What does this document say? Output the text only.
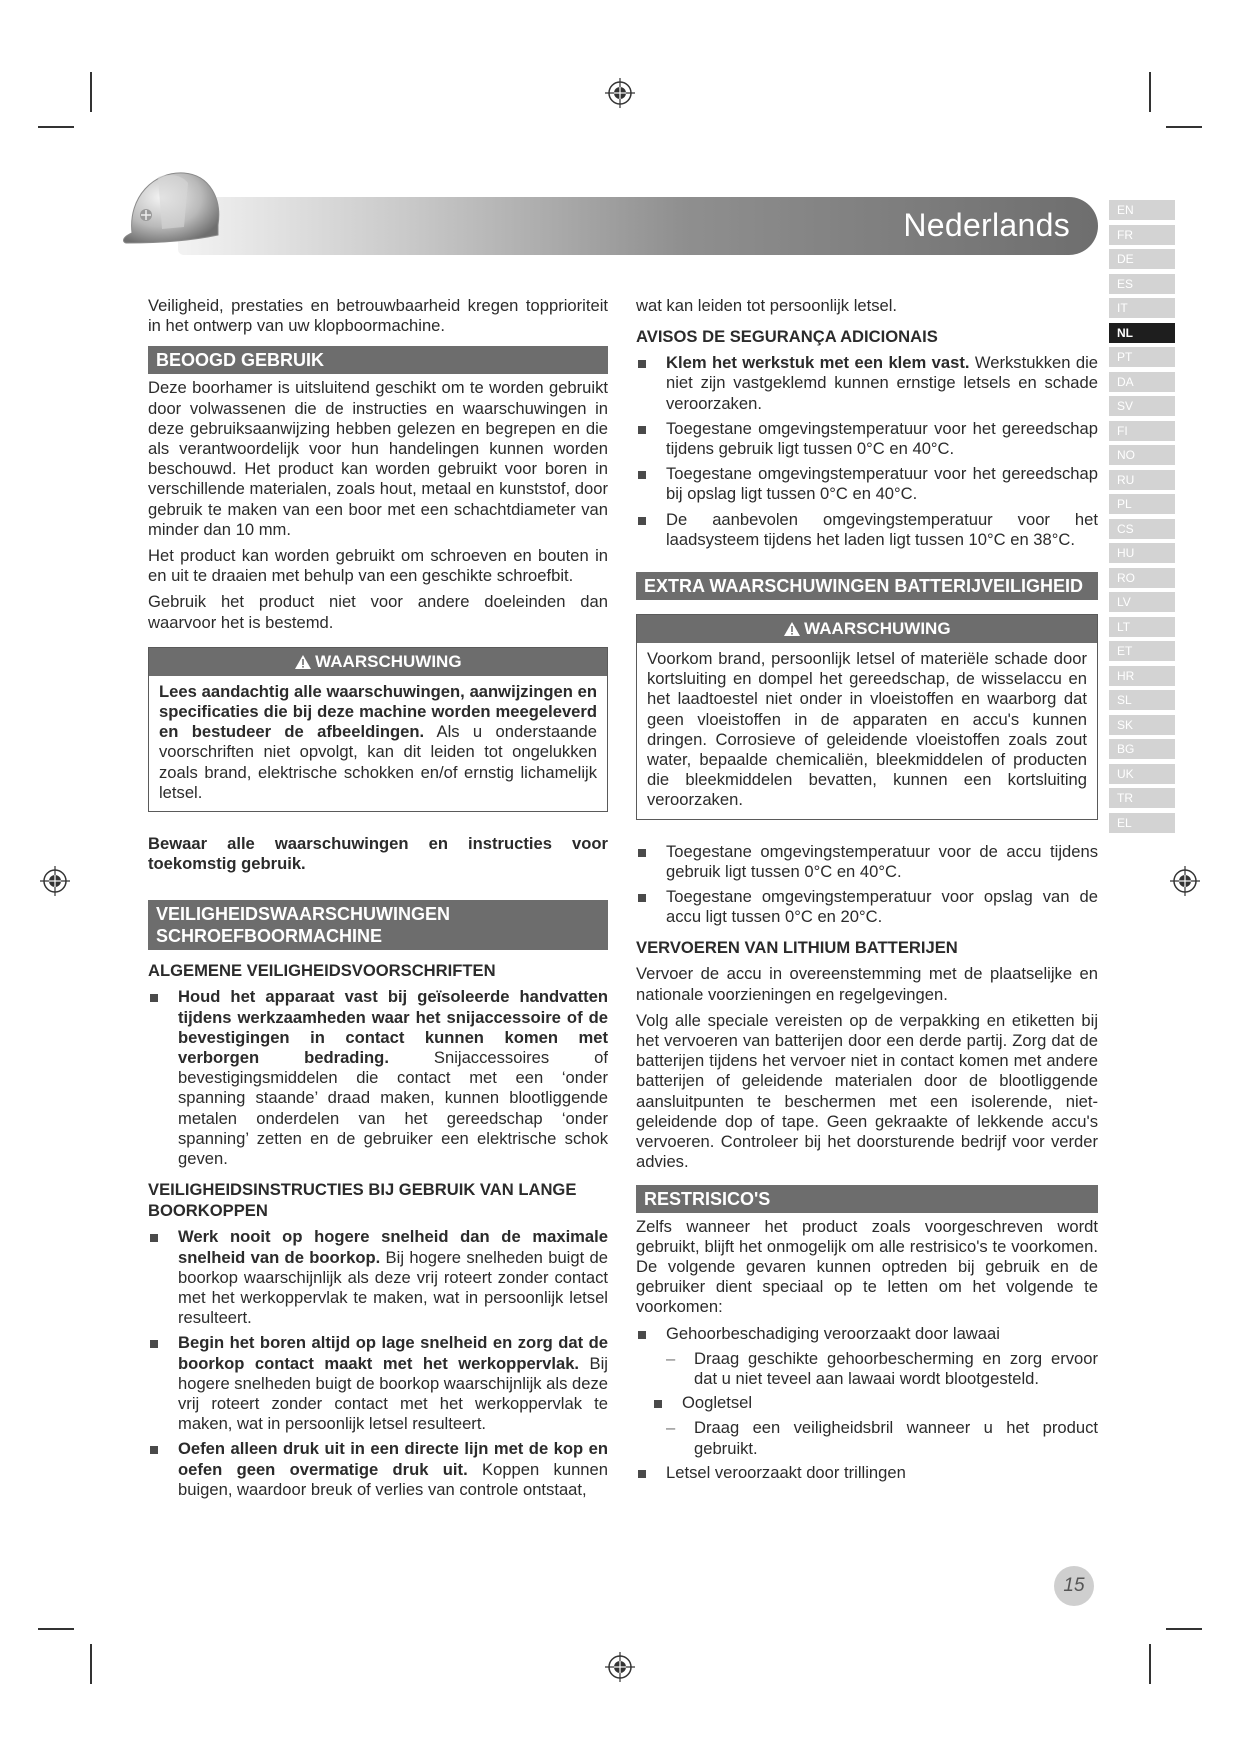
Nederlands	EN
FR
DE
ES
IT
NL
PT
DA
SV
FI
NO
RU
PL
CS
HU
RO
LV
LT
ET
HR
SL
SK
BG
UK
TR
EL

Veiligheid, prestaties en betrouwbaarheid kregen topprioriteit in het ontwerp van uw klopboormachine.

BEOOGD GEBRUIK

Deze boorhamer is uitsluitend geschikt om te worden gebruikt door volwassenen die de instructies en waarschuwingen in deze gebruiksaanwijzing hebben gelezen en begrepen en die als verantwoordelijk voor hun handelingen kunnen worden beschouwd. Het product kan worden gebruikt voor boren in verschillende materialen, zoals hout, metaal en kunststof, door gebruik te maken van een boor met een schachtdiameter van minder dan 10 mm.

Het product kan worden gebruikt om schroeven en bouten in en uit te draaien met behulp van een geschikte schroefbit.

Gebruik het product niet voor andere doeleinden dan waarvoor het is bestemd.

WAARSCHUWING

Lees aandachtig alle waarschuwingen, aanwijzingen en specificaties die bij deze machine worden meegeleverd en bestudeer de afbeeldingen. Als u onderstaande voorschriften niet opvolgt, kan dit leiden tot ongelukken zoals brand, elektrische schokken en/of ernstig lichamelijk letsel.

Bewaar alle waarschuwingen en instructies voor toekomstig gebruik.

VEILIGHEIDSWAARSCHUWINGEN SCHROEFBOORMACHINE
ALGEMENE VEILIGHEIDSVOORSCHRIFTEN
Houd het apparaat vast bij geïsoleerde handvatten tijdens werkzaamheden waar het snijaccessoire of de bevestigingen in contact kunnen komen met verborgen bedrading. Snijaccessoires of bevestigingsmiddelen die contact met een ‘onder spanning staande’ draad maken, kunnen blootliggende metalen onderdelen van het gereedschap ‘onder spanning’ zetten en de gebruiker een elektrische schok geven.
VEILIGHEIDSINSTRUCTIES BIJ GEBRUIK VAN LANGE BOORKOPPEN
Werk nooit op hogere snelheid dan de maximale snelheid van de boorkop. Bij hogere snelheden buigt de boorkop waarschijnlijk als deze vrij roteert zonder contact met het werkoppervlak te maken, wat in persoonlijk letsel resulteert.
Begin het boren altijd op lage snelheid en zorg dat de boorkop contact maakt met het werkoppervlak. Bij hogere snelheden buigt de boorkop waarschijnlijk als deze vrij roteert zonder contact met het werkoppervlak te maken, wat in persoonlijk letsel resulteert.
Oefen alleen druk uit in een directe lijn met de kop en oefen geen overmatige druk uit. Koppen kunnen buigen, waardoor breuk of verlies van controle ontstaat,

wat kan leiden tot persoonlijk letsel.

AVISOS DE SEGURANÇA ADICIONAIS
Klem het werkstuk met een klem vast. Werkstukken die niet zijn vastgeklemd kunnen ernstige letsels en schade veroorzaken.
Toegestane omgevingstemperatuur voor het gereedschap tijdens gebruik ligt tussen 0°C en 40°C.
Toegestane omgevingstemperatuur voor het gereedschap bij opslag ligt tussen 0°C en 40°C.
De aanbevolen omgevingstemperatuur voor het laadsysteem tijdens het laden ligt tussen 10°C en 38°C.
EXTRA WAARSCHUWINGEN BATTERIJVEILIGHEID
WAARSCHUWING

Voorkom brand, persoonlijk letsel of materiële schade door kortsluiting en dompel het gereedschap, de wisselaccu en het laadtoestel niet onder in vloeistoffen en waarborg dat geen vloeistoffen in de apparaten en accu's kunnen dringen. Corrosieve of geleidende vloeistoffen zoals zout water, bepaalde chemicaliën, bleekmiddelen of producten die bleekmiddelen bevatten, kunnen een kortsluiting veroorzaken.

Toegestane omgevingstemperatuur voor de accu tijdens gebruik ligt tussen 0°C en 40°C.
Toegestane omgevingstemperatuur voor opslag van de accu ligt tussen 0°C en 20°C.
VERVOEREN VAN LITHIUM BATTERIJEN

Vervoer de accu in overeenstemming met de plaatselijke en nationale voorzieningen en regelgevingen.

Volg alle speciale vereisten op de verpakking en etiketten bij het vervoeren van batterijen door een derde partij. Zorg dat de batterijen tijdens het vervoer niet in contact komen met andere batterijen of geleidende materialen door de blootliggende aansluitpunten te beschermen met een isolerende, niet-geleidende dop of tape. Geen gekraakte of lekkende accu's vervoeren. Controleer bij het doorsturende bedrijf voor verder advies.

RESTRISICO'S

Zelfs wanneer het product zoals voorgeschreven wordt gebruikt, blijft het onmogelijk om alle restrisico's te voorkomen. De volgende gevaren kunnen optreden bij gebruik en de gebruiker dient speciaal op te letten om het volgende te voorkomen:

Gehoorbeschadiging veroorzaakt door lawaai
– Draag geschikte gehoorbescherming en zorg ervoor dat u niet teveel aan lawaai wordt blootgesteld.
Oogletsel
– Draag een veiligheidsbril wanneer u het product gebruikt.
Letsel veroorzaakt door trillingen
15
